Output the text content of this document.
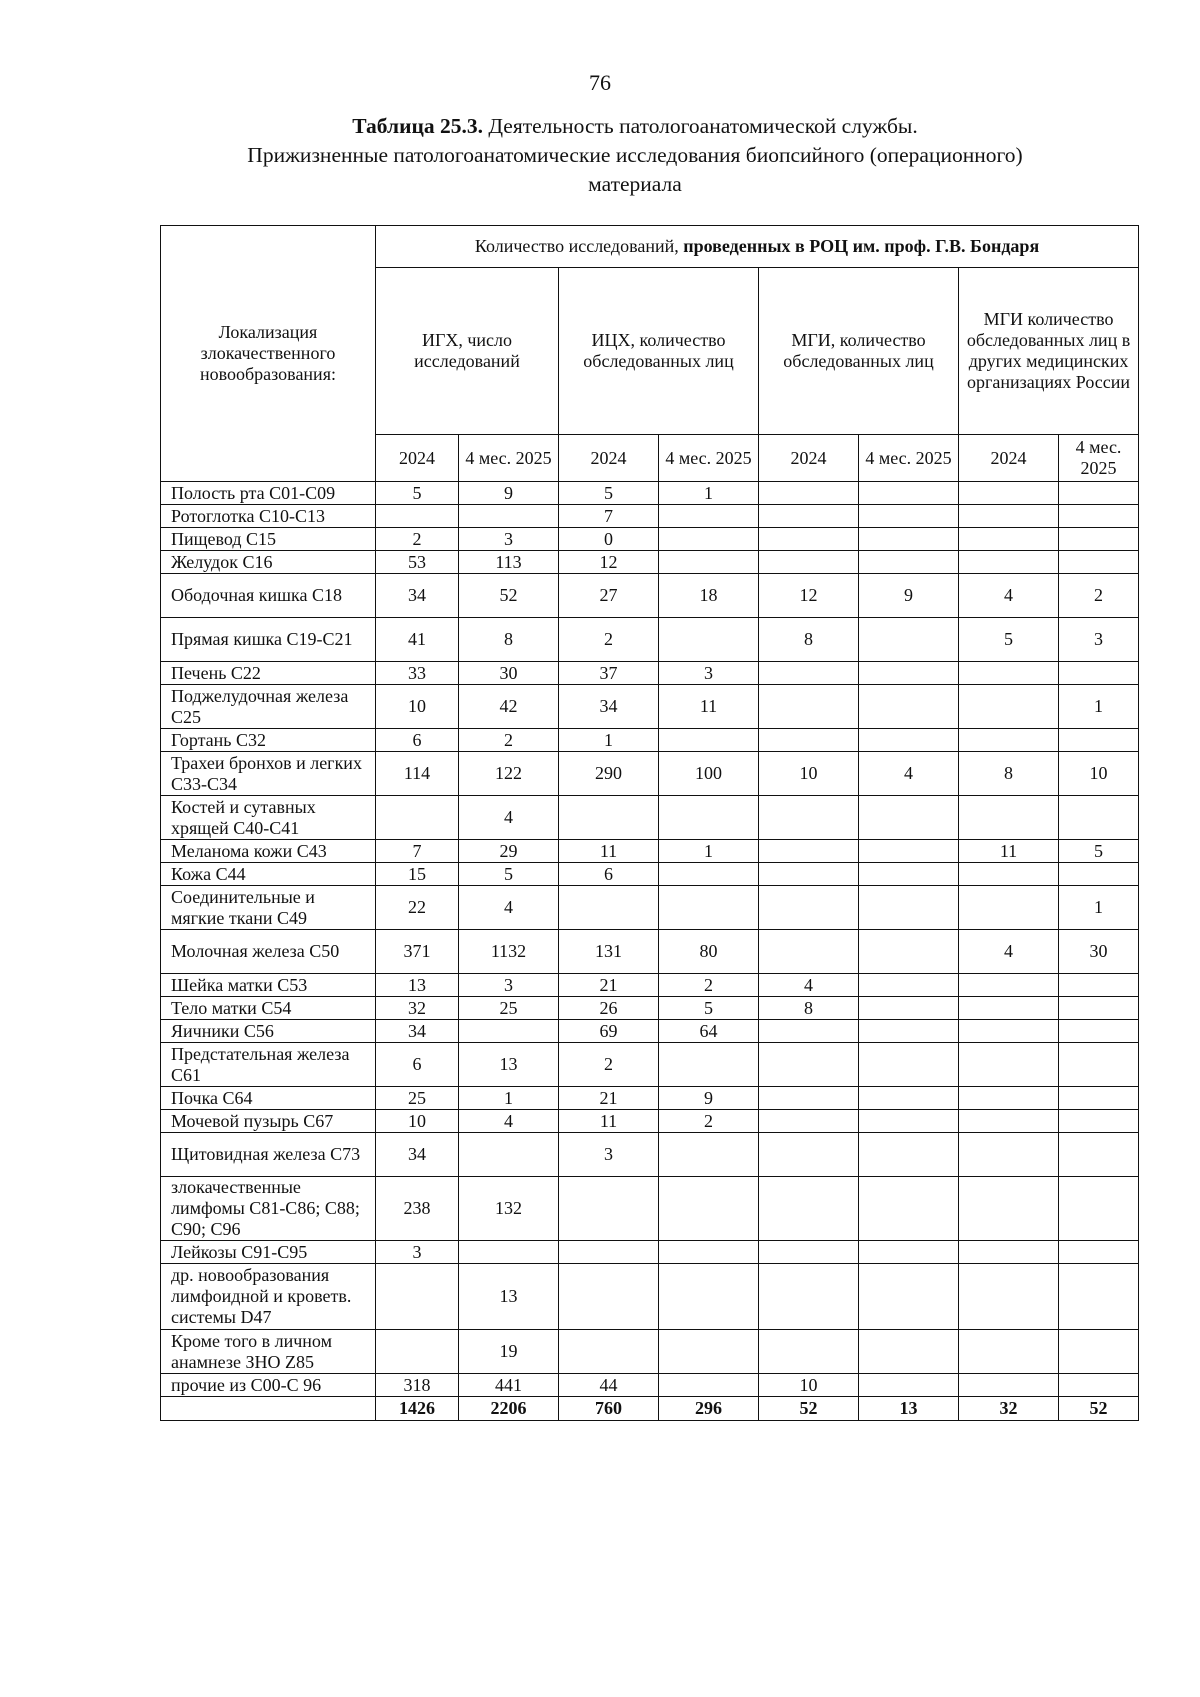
76
Таблица 25.3. Деятельность патологоанатомической службы.
Прижизненные патологоанатомические исследования биопсийного (операционного)
материала
Локализация злокачественного новообразования:	Количество исследований, проведенных в РОЦ им. проф. Г.В. Бондаря							
	ИГХ, число исследований		ИЦХ, количество обследованных лиц		МГИ, количество обследованных лиц		МГИ количество обследованных лиц в других медицинских организациях России	
	2024	4 мес. 2025	2024	4 мес. 2025	2024	4 мес. 2025	2024	4 мес. 2025
Полость рта С01-С09	5	9	5	1				
Ротоглотка С10-С13			7					
Пищевод С15	2	3	0					
Желудок С16	53	113	12					
Ободочная кишка С18	34	52	27	18	12	9	4	2
Прямая кишка С19-С21	41	8	2		8		5	3
Печень С22	33	30	37	3				
Поджелудочная железа С25	10	42	34	11				1
Гортань С32	6	2	1					
Трахеи бронхов и легких С33-С34	114	122	290	100	10	4	8	10
Костей и сутавных хрящей С40-С41		4						
Меланома кожи С43	7	29	11	1			11	5
Кожа С44	15	5	6					
Соединительные и мягкие ткани С49	22	4						1
Молочная железа С50	371	1132	131	80			4	30
Шейка матки С53	13	3	21	2	4			
Тело матки С54	32	25	26	5	8			
Яичники С56	34		69	64				
Предстательная железа С61	6	13	2					
Почка С64	25	1	21	9				
Мочевой пузырь С67	10	4	11	2				
Щитовидная железа С73	34		3					
злокачественные лимфомы С81-С86; С88; С90; С96	238	132						
Лейкозы С91-С95	3							
др. новообразования лимфоидной и кроветв. системы D47		13						
Кроме того в личном анамнезе ЗНО Z85		19						
прочие из С00-С 96	318	441	44		10			
	1426	2206	760	296	52	13	32	52
